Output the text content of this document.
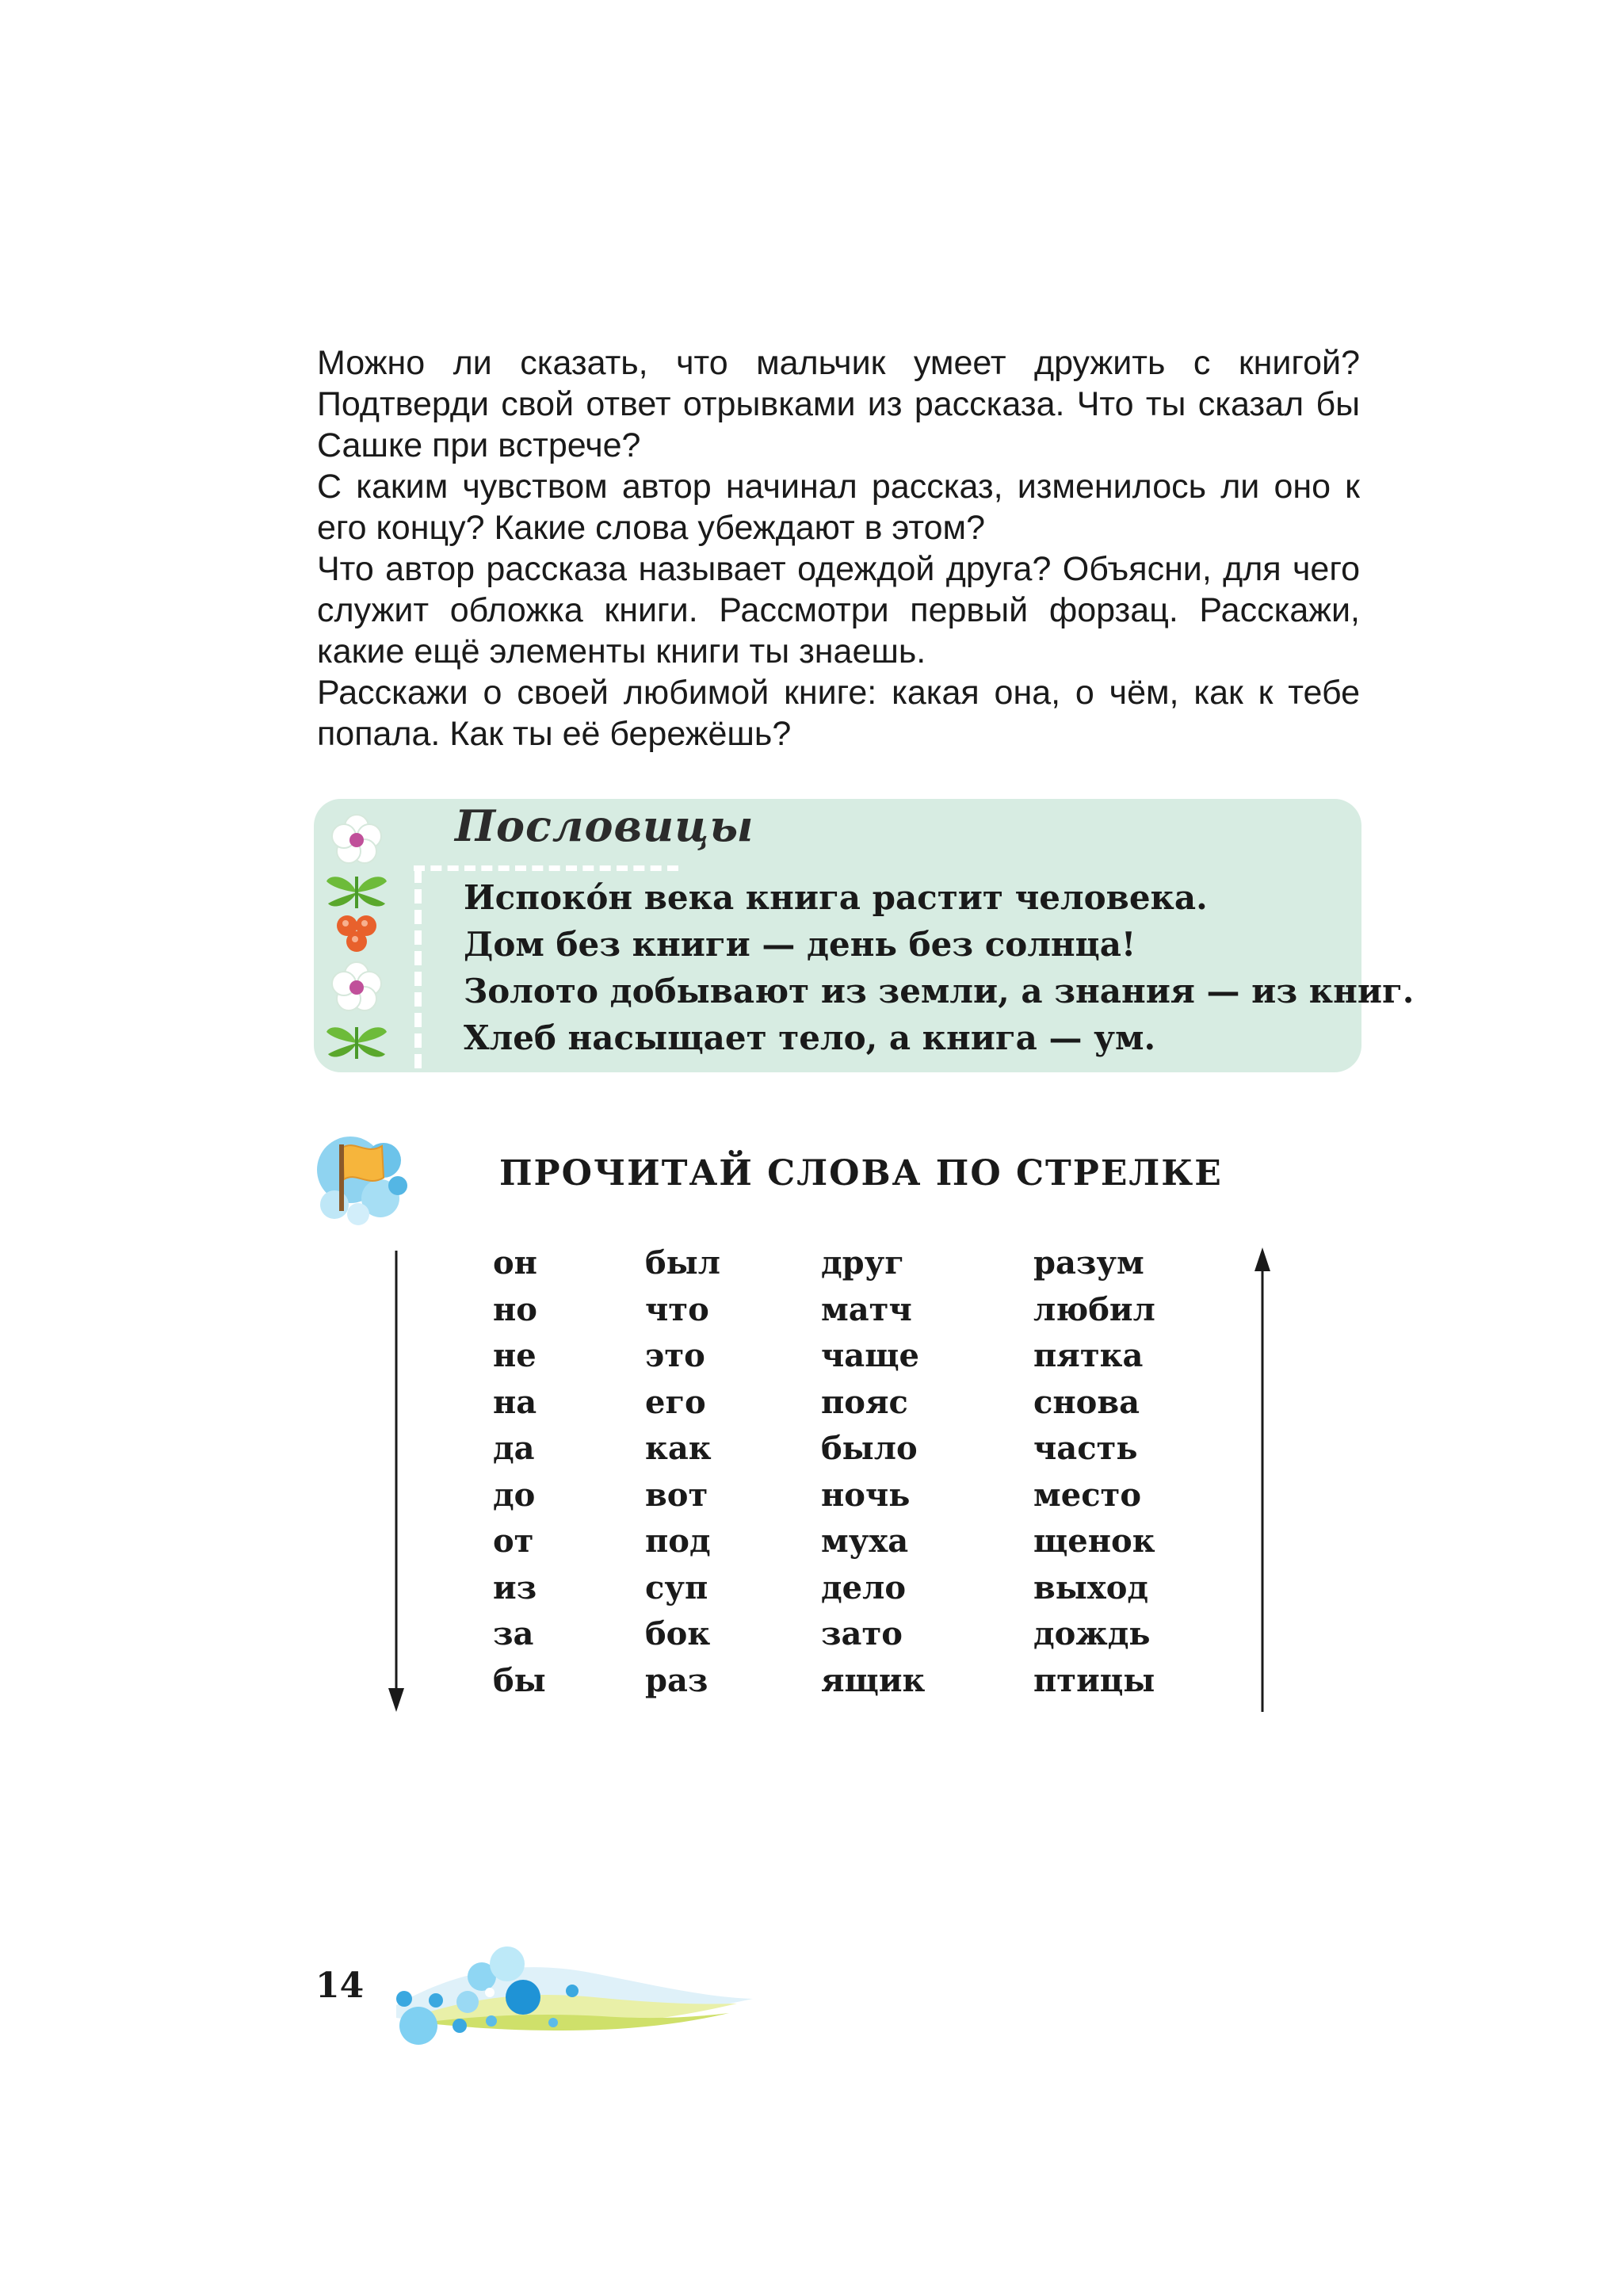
Можно ли сказать, что мальчик умеет дружить с книгой? Подтверди свой ответ отрывками из рассказа. Что ты сказал бы Сашке при встрече?

С каким чувством автор начинал рассказ, изменилось ли оно к его концу? Какие слова убеждают в этом?

Что автор рассказа называет одеждой друга? Объясни, для чего служит обложка книги. Рассмотри первый форзац. Расскажи, какие ещё элементы книги ты знаешь.

Расскажи о своей любимой книге: какая она, о чём, как к тебе попала. Как ты её бережёшь?

Пословицы
Испоко́н века книга растит человека.
Дом без книги — день без солнца!
Золото добывают из земли, а знания — из книг.
Хлеб насыщает тело, а книга — ум.
ПРОЧИТАЙ СЛОВА ПО СТРЕЛКЕ
он
но
не
на
да
до
от
из
за
бы
был
что
это
его
как
вот
под
суп
бок
раз
друг
матч
чаще
пояс
было
ночь
муха
дело
зато
ящик
разум
любил
пятка
снова
часть
место
щенок
выход
дождь
птицы
14
